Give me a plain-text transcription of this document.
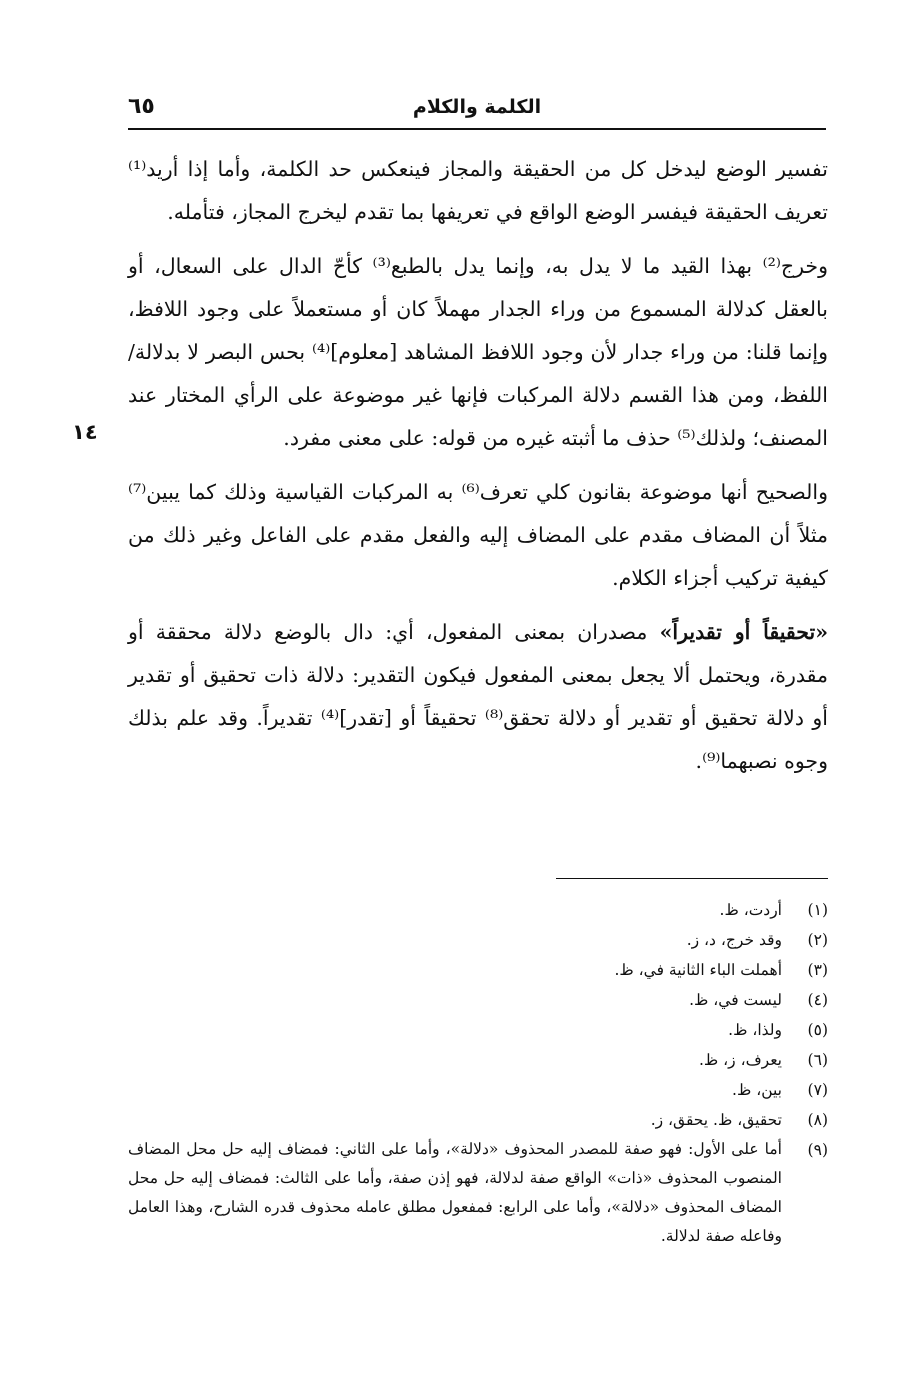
٦٥	الكلمة والكلام
١٤

تفسير الوضع ليدخل كل من الحقيقة والمجاز فينعكس حد الكلمة، وأما إذا أريد⁽¹⁾ تعريف الحقيقة فيفسر الوضع الواقع في تعريفها بما تقدم ليخرج المجاز، فتأمله.

وخرج⁽²⁾ بهذا القيد ما لا يدل به، وإنما يدل بالطبع⁽³⁾ كأحّ الدال على السعال، أو بالعقل كدلالة المسموع من وراء الجدار مهملاً كان أو مستعملاً على وجود اللافظ، وإنما قلنا: من وراء جدار لأن وجود اللافظ المشاهد [معلوم]⁽⁴⁾ بحس البصر لا بدلالة/اللفظ، ومن هذا القسم دلالة المركبات فإنها غير موضوعة على الرأي المختار عند المصنف؛ ولذلك⁽⁵⁾ حذف ما أثبته غيره من قوله: على معنى مفرد.

والصحيح أنها موضوعة بقانون كلي تعرف⁽⁶⁾ به المركبات القياسية وذلك كما يبين⁽⁷⁾ مثلاً أن المضاف مقدم على المضاف إليه والفعل مقدم على الفاعل وغير ذلك من كيفية تركيب أجزاء الكلام.

«تحقيقاً أو تقديراً» مصدران بمعنى المفعول، أي: دال بالوضع دلالة محققة أو مقدرة، ويحتمل ألا يجعل بمعنى المفعول فيكون التقدير: دلالة ذات تحقيق أو تقدير أو دلالة تحقيق أو تقدير أو دلالة تحقق⁽⁸⁾ تحقيقاً أو [تقدر]⁽⁴⁾ تقديراً. وقد علم بذلك وجوه نصبهما⁽⁹⁾.

(١)
أردت، ظ.
(٢)
وقد خرج، د، ز.
(٣)
أهملت الباء الثانية في، ظ.
(٤)
ليست في، ظ.
(٥)
ولذا، ظ.
(٦)
يعرف، ز، ظ.
(٧)
بين، ظ.
(٨)
تحقيق، ظ. يحقق، ز.
(٩)
أما على الأول: فهو صفة للمصدر المحذوف «دلالة»، وأما على الثاني: فمضاف إليه حل محل المضاف المنصوب المحذوف «ذات» الواقع صفة لدلالة، فهو إذن صفة، وأما على الثالث: فمضاف إليه حل محل المضاف المحذوف «دلالة»، وأما على الرابع: فمفعول مطلق عامله محذوف قدره الشارح، وهذا العامل وفاعله صفة لدلالة.
